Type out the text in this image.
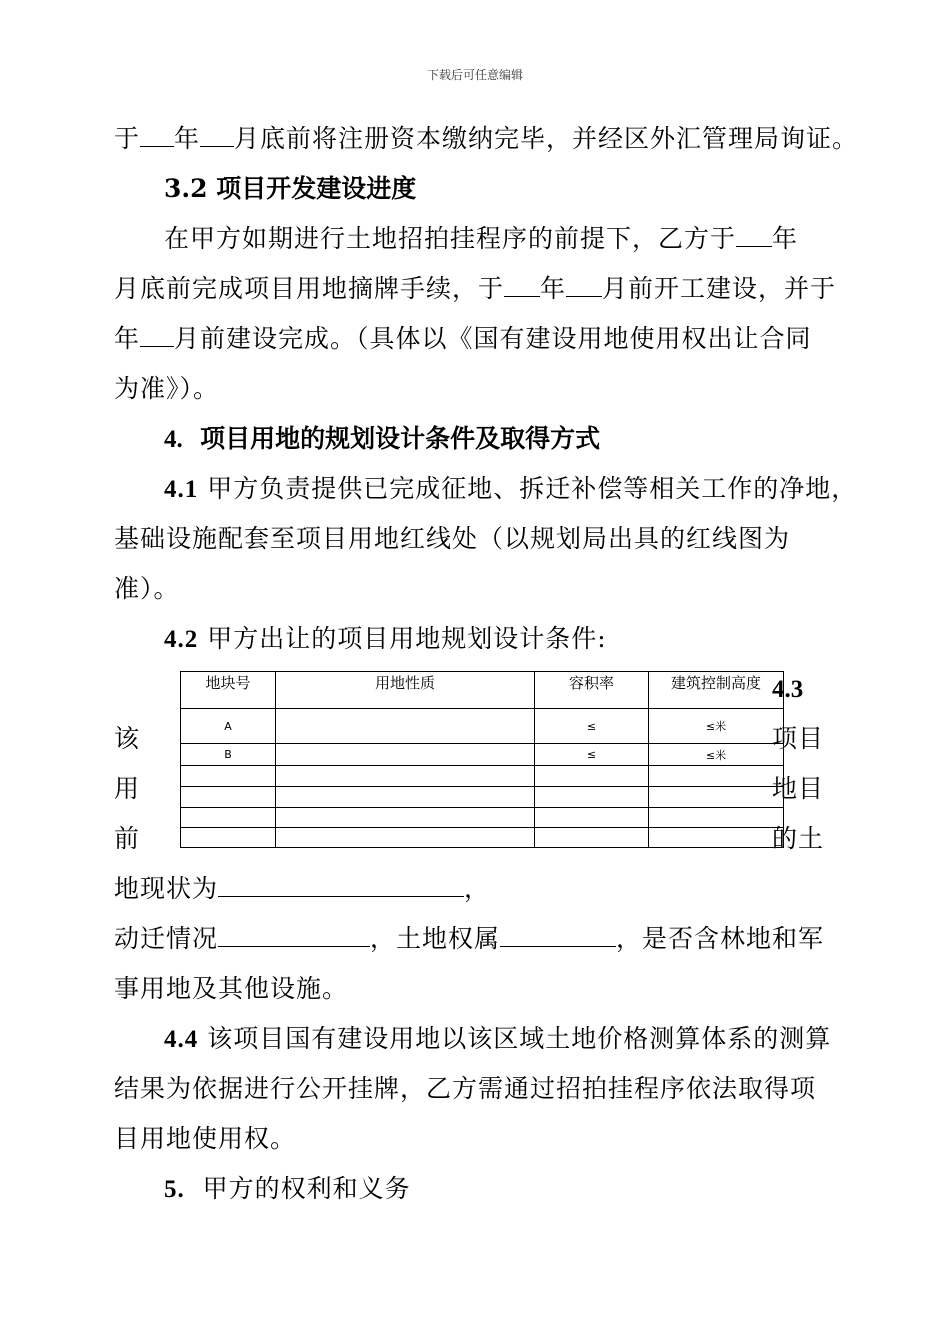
下载后可任意编辑
于 年 月底前将注册资本缴纳完毕，并经区外汇管理局询证。
3.2 项目开发建设进度
在甲方如期进行土地招拍挂程序的前提下，乙方于 年
月底前完成项目用地摘牌手续，于 年 月前开工建设，并于
年 月前建设完成。（具体以《国有建设用地使用权出让合同
为准》）。
4. 项目用地的规划设计条件及取得方式
4.1 甲方负责提供已完成征地、拆迁补偿等相关工作的净地，
基础设施配套至项目用地红线处（以规划局出具的红线图为
准）。
4.2 甲方出让的项目用地规划设计条件:
地块号	用地性质	容积率	建筑控制高度
A		≤	≤米
B		≤	≤米

4.3
该
用
前
项目
地目
的土
地现状为	，
动迁情况	，土地权属	，是否含林地和军
事用地及其他设施。
4.4 该项目国有建设用地以该区域土地价格测算体系的测算
结果为依据进行公开挂牌，乙方需通过招拍挂程序依法取得项
目用地使用权。
5. 甲方的权利和义务
